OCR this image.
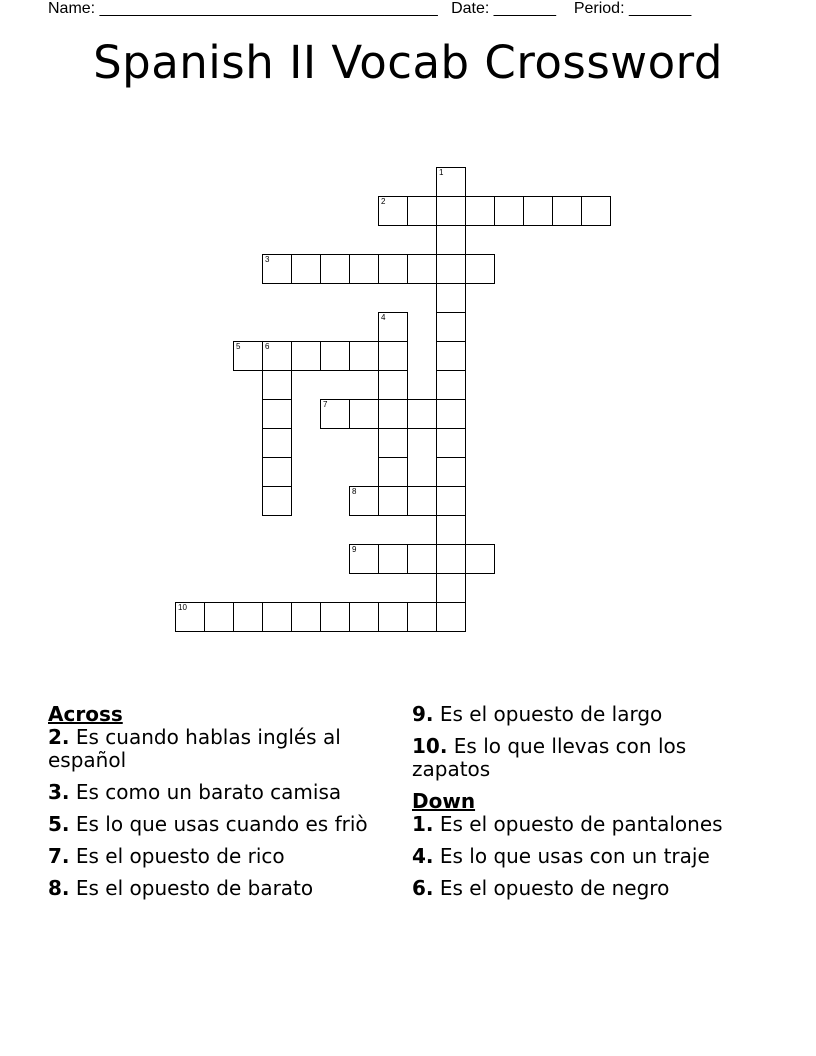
Name: ______________________________________ Date: _______ Period: _______
Spanish II Vocab Crossword
1
2
3
4
5	6
7
8
9
10
Across
2. Es cuando hablas inglés al español
3. Es como un barato camisa
5. Es lo que usas cuando es friò
7. Es el opuesto de rico
8. Es el opuesto de barato
9. Es el opuesto de largo
10. Es lo que llevas con los zapatos
Down
1. Es el opuesto de pantalones
4. Es lo que usas con un traje
6. Es el opuesto de negro
